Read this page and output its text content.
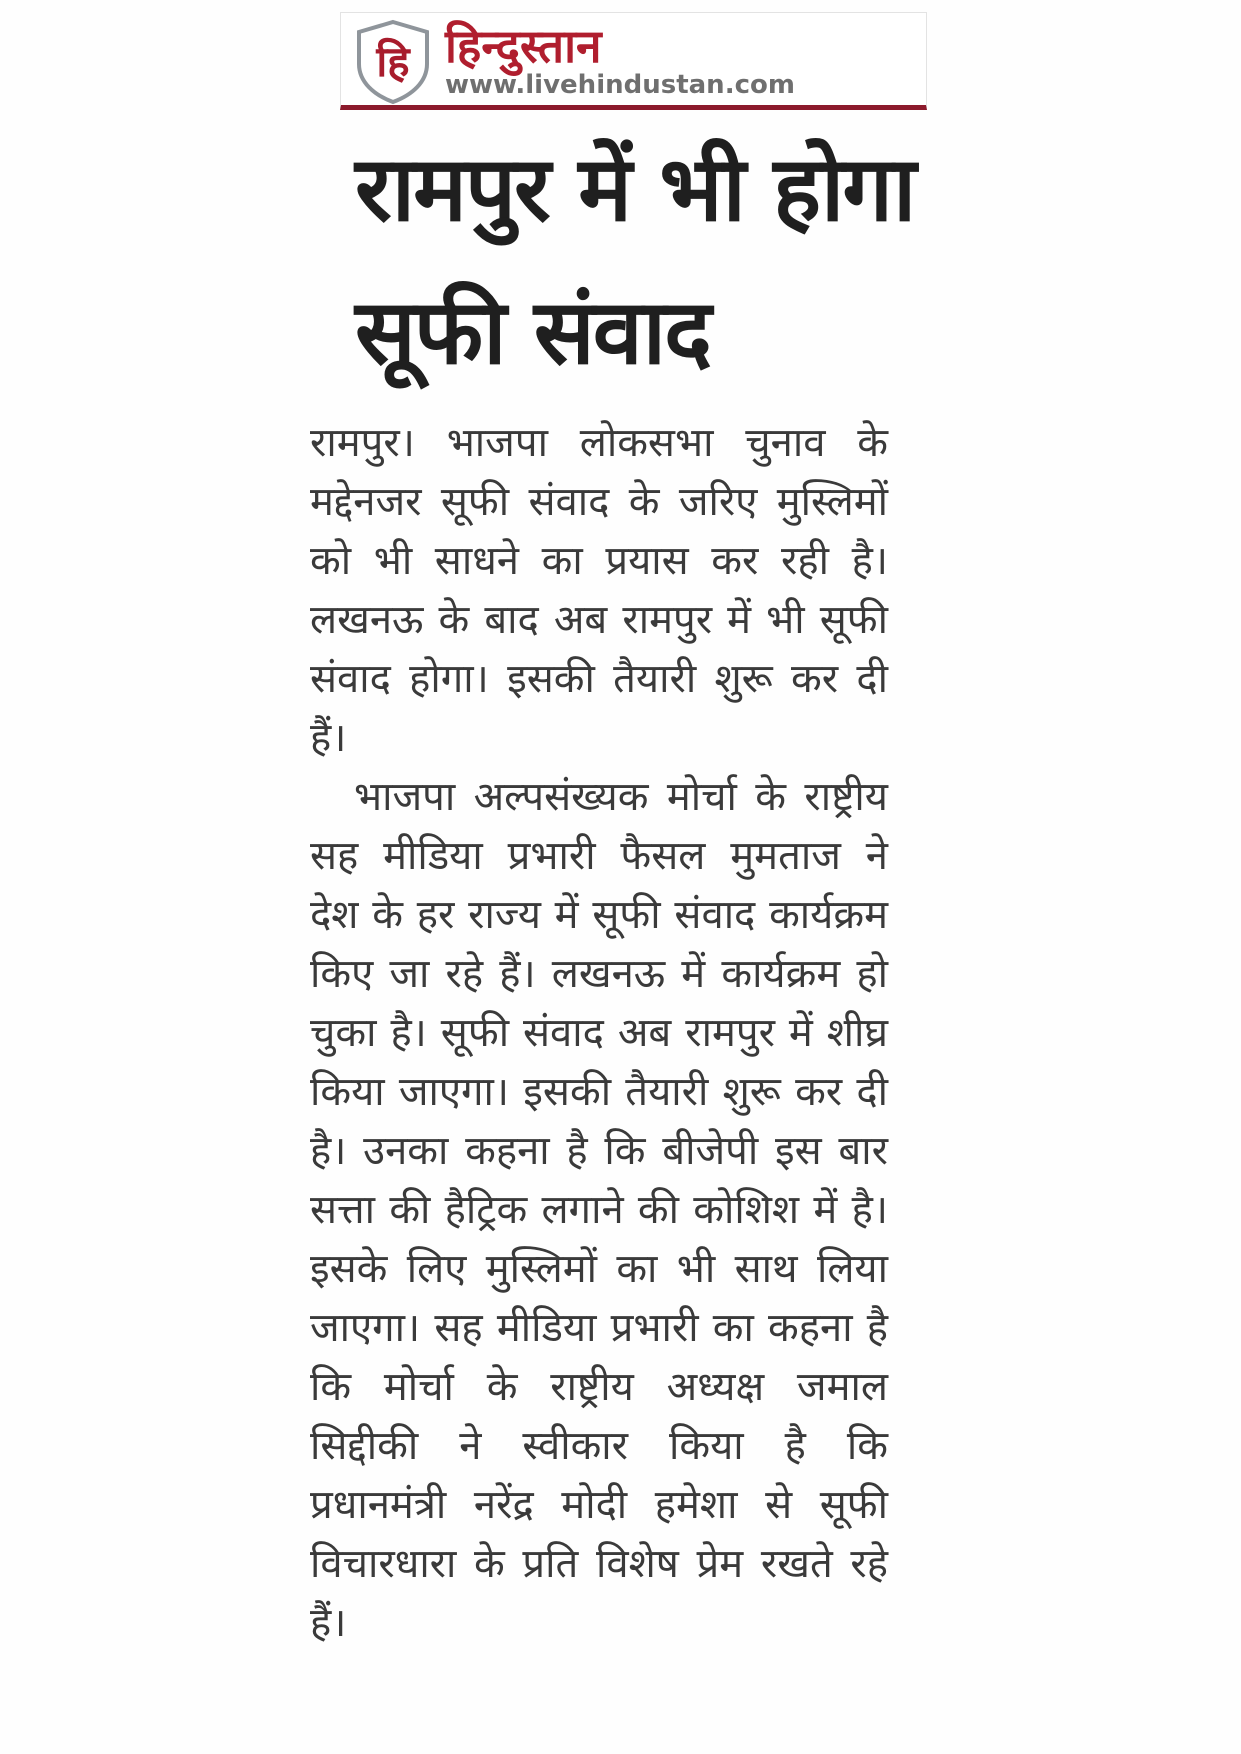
हि हिन्दुस्तान
www.livehindustan.com
रामपुर में भी होगा
सूफी संवाद

रामपुर। भाजपा लोकसभा चुनाव के मद्देनजर सूफी संवाद के जरिए मुस्लिमों को भी साधने का प्रयास कर रही है। लखनऊ के बाद अब रामपुर में भी सूफी संवाद होगा। इसकी तैयारी शुरू कर दी हैं।

भाजपा अल्पसंख्यक मोर्चा के राष्ट्रीय सह मीडिया प्रभारी फैसल मुमताज ने देश के हर राज्य में सूफी संवाद कार्यक्रम किए जा रहे हैं। लखनऊ में कार्यक्रम हो चुका है। सूफी संवाद अब रामपुर में शीघ्र किया जाएगा। इसकी तैयारी शुरू कर दी है। उनका कहना है कि बीजेपी इस बार सत्ता की हैट्रिक लगाने की कोशिश में है। इसके लिए मुस्लिमों का भी साथ लिया जाएगा। सह मीडिया प्रभारी का कहना है कि मोर्चा के राष्ट्रीय अध्यक्ष जमाल सिद्दीकी ने स्वीकार किया है कि प्रधानमंत्री नरेंद्र मोदी हमेशा से सूफी विचारधारा के प्रति विशेष प्रेम रखते रहे हैं।
